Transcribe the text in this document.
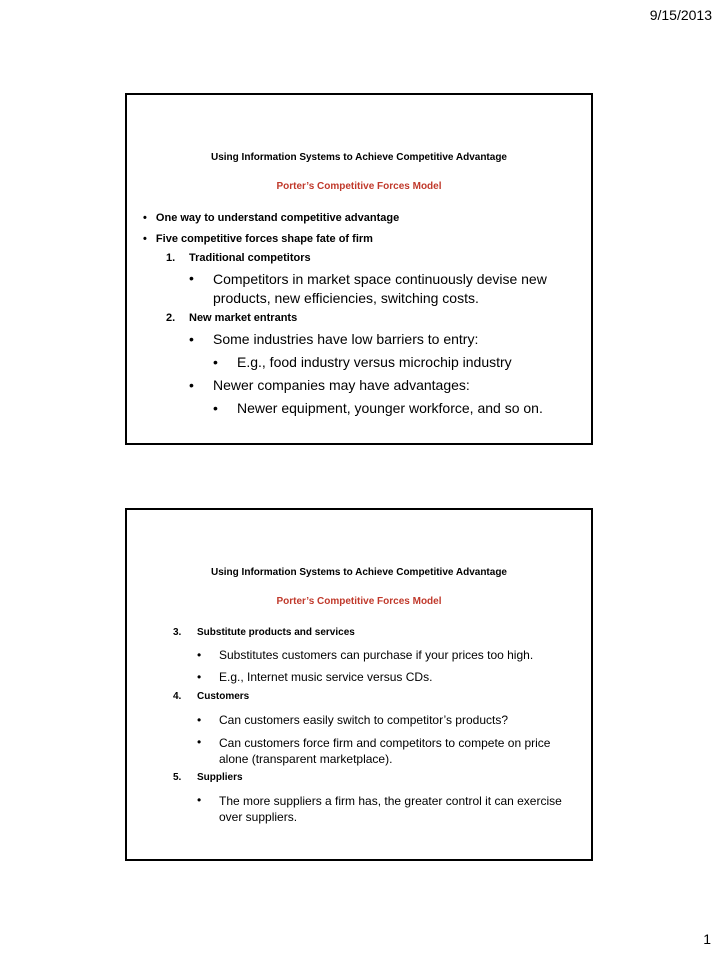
9/15/2013
Using Information Systems to Achieve Competitive Advantage
Porter’s Competitive Forces Model
• One way to understand competitive advantage
• Five competitive forces shape fate of firm
1. Traditional competitors
• Competitors in market space continuously devise new products, new efficiencies, switching costs.
2. New market entrants
• Some industries have low barriers to entry:
• E.g., food industry versus microchip industry
• Newer companies may have advantages:
• Newer equipment, younger workforce, and so on.
Using Information Systems to Achieve Competitive Advantage
Porter’s Competitive Forces Model
3. Substitute products and services
• Substitutes customers can purchase if your prices too high.
• E.g., Internet music service versus CDs.
4. Customers
• Can customers easily switch to competitor’s products?
• Can customers force firm and competitors to compete on price alone (transparent marketplace).
5. Suppliers
• The more suppliers a firm has, the greater control it can exercise over suppliers.
1
